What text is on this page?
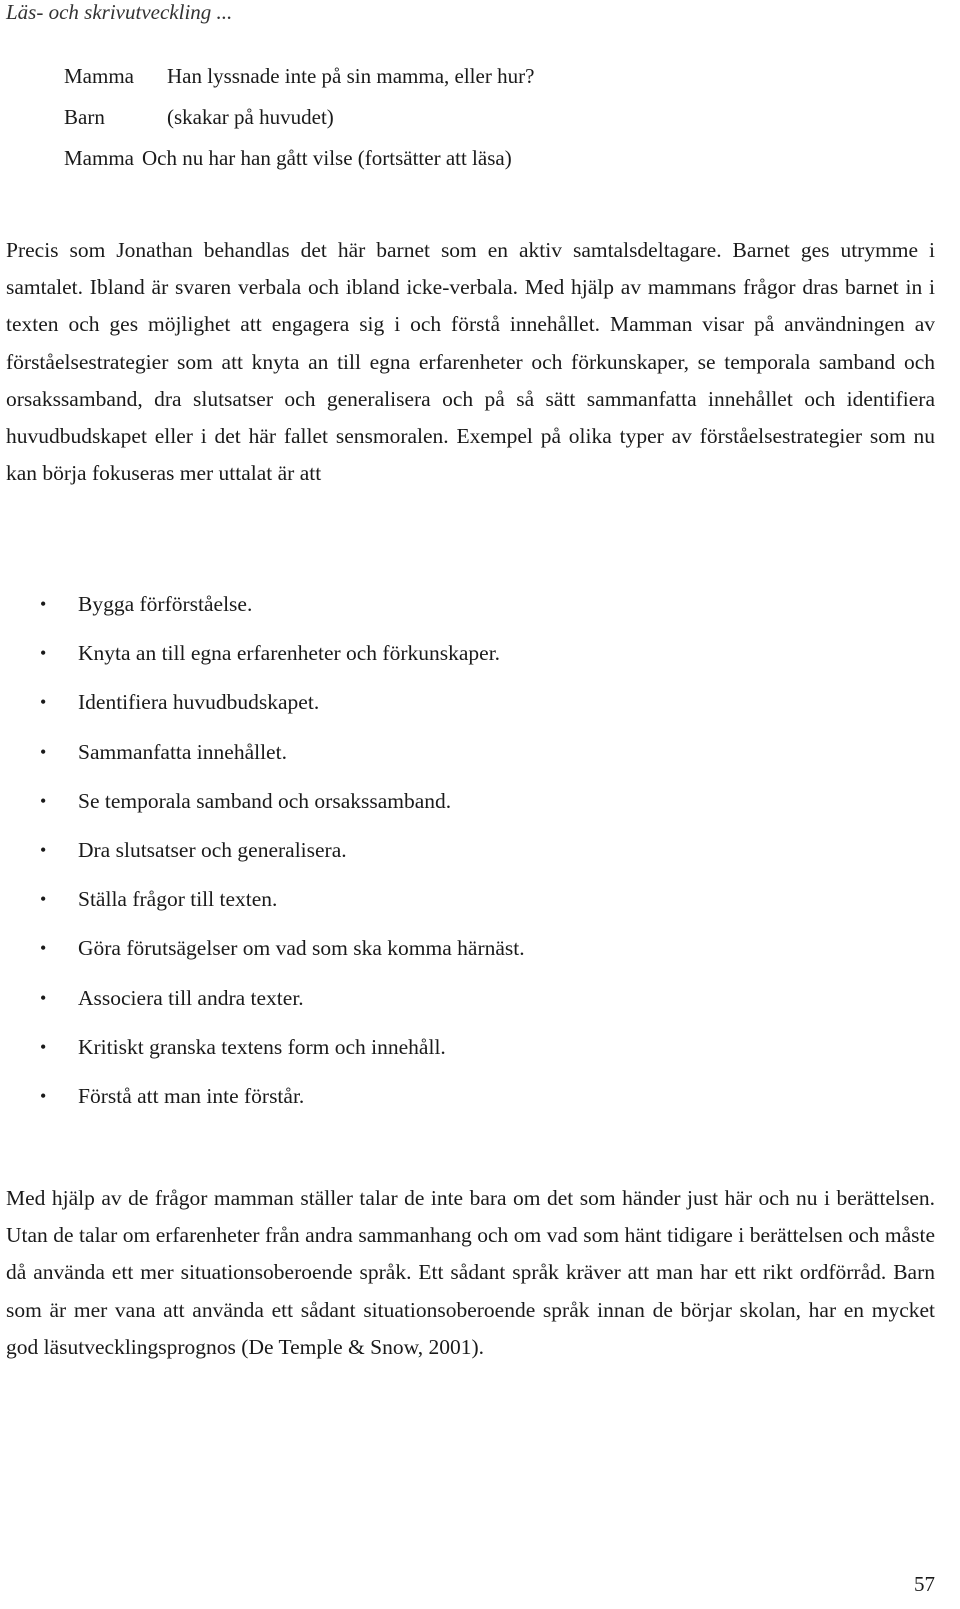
Läs- och skrivutveckling ...
Mamma Han lyssnade inte på sin mamma, eller hur?
Barn	(skakar på huvudet)
Mamma Och nu har han gått vilse (fortsätter att läsa)

Precis som Jonathan behandlas det här barnet som en aktiv samtalsdeltagare. Barnet ges utrymme i samtalet. Ibland är svaren verbala och ibland icke-verbala. Med hjälp av mammans frågor dras barnet in i texten och ges möjlighet att engagera sig i och förstå innehållet. Mamman visar på användningen av förståelsestrategier som att knyta an till egna erfarenheter och förkunskaper, se temporala samband och orsakssamband, dra slutsatser och generalisera och på så sätt sammanfatta innehållet och identifiera huvudbudskapet eller i det här fallet sensmoralen. Exempel på olika typer av förståelsestrategier som nu kan börja fokuseras mer uttalat är att

• Bygga förförståelse.
• Knyta an till egna erfarenheter och förkunskaper.
• Identifiera huvudbudskapet.
• Sammanfatta innehållet.
• Se temporala samband och orsakssamband.
• Dra slutsatser och generalisera.
• Ställa frågor till texten.
• Göra förutsägelser om vad som ska komma härnäst.
• Associera till andra texter.
• Kritiskt granska textens form och innehåll.
• Förstå att man inte förstår.

Med hjälp av de frågor mamman ställer talar de inte bara om det som händer just här och nu i berättelsen. Utan de talar om erfarenheter från andra sammanhang och om vad som hänt tidigare i berättelsen och måste då använda ett mer situationsoberoende språk. Ett sådant språk kräver att man har ett rikt ordförråd. Barn som är mer vana att använda ett sådant situationsoberoende språk innan de börjar skolan, har en mycket god läsutvecklingsprognos (De Temple & Snow, 2001).

57
